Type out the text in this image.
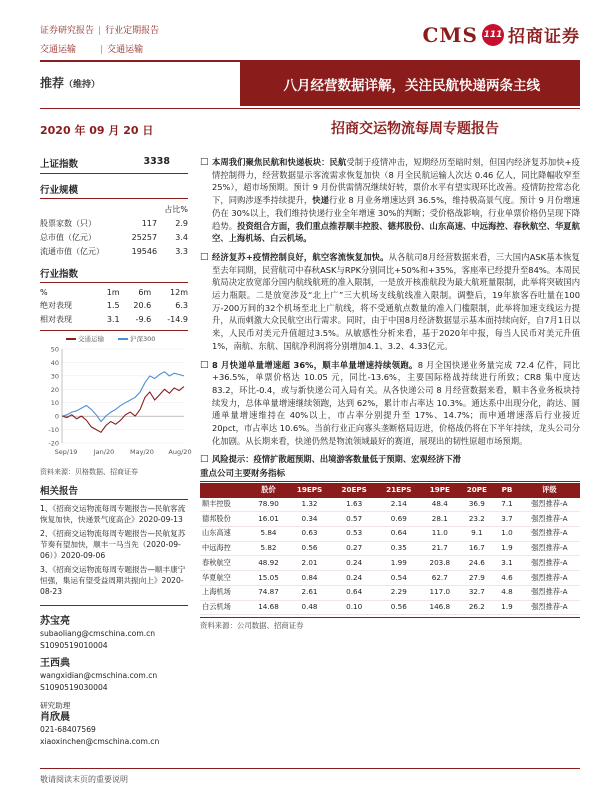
证券研究报告 | 行业定期报告
交通运输	| 交通运输
CMS 111 招商证券
推荐（维持）	八月经营数据详解，关注民航快递两条主线
2020 年 09 月 20 日	招商交运物流每周专题报告
上证指数	3338
行业规模
		占比%
股票家数（只）	117	2.9
总市值（亿元）	25257	3.4
流通市值（亿元）	19546	3.3
行业指数
%	1m	6m	12m
绝对表现	1.5	20.6	6.3
相对表现	3.1	-9.6	-14.9
交通运输	沪深300
50
40
30
20
10
0
-10
-20
Sep/19	Jan/20 May/20 Aug/20
资料来源：贝格数据、招商证券
相关报告
1、《招商交运物流每周专题报告—民航客流恢复加快，快递景气度高企》2020-09-13
2、《招商交运物流每周专题报告—民航复苏节奏有望加快，顺丰一马当先（2020-09-06）》2020-09-06
3、《招商交运物流每周专题报告—顺丰康宁恒强，集运有望受益周期共振向上》2020-08-23
苏宝亮
subaoliang@cmschina.com.cn
S1090519010004
王西典
wangxidian@cmschina.com.cn
S1090519030004
研究助理
肖欣晨
021-68407569
xiaoxinchen@cmschina.com.cn
□ 本周我们聚焦民航和快递板块：民航受制于疫情冲击，短期经历至暗时刻，但国内经济复苏加快+疫情控制得力，经营数据显示客流需求恢复加快（8 月全民航运输人次达 0.46 亿人，同比降幅收窄至 25%），超市场预期。预计 9 月份供需情况继续好转，票价水平有望实现环比改善。疫情防控常态化下，同购涉逐季持续提升，快递行业 8 月业务增速达到 36.5%，维持极高景气度。预计 9 月份增速仍在 30%以上，我们维持快递行业全年增速 30%的判断；受价格战影响，行业单票价格仍呈现下降趋势。投资组合方面，我们重点推荐顺丰控股、德邦股份、山东高速、中远海控、春秋航空、华夏航空、上海机场、白云机场。
□ 经济复苏+疫情控制良好，航空客流恢复加快。从各航司8月经营数据来看，三大国内ASK基本恢复至去年同期，民营航司中春秋ASK与RPK分别同比+50%和+35%，客座率已经提升至84%。本周民航局决定放宽部分国内航线航班的准入限制，一是放开核准航段为最大航班量限制，此举将突破国内运力瓶限。二是放宽涉及“北上广”三大机场支线航线准入限制。调整后，19年旅客吞吐量在100万-200万间的32个机场至北上广航线，将不受通航点数量的准入门槛限制，此举将加速支线运力提升，从而刺激大众民航空出行需求。同时，由于中国8月经济数据显示基本面持续向好，自7月1日以来，人民币对美元升值超过3.5%。从敏感性分析来看，基于2020年中报，每当人民币对美元升值1%，南航、东航、国航净利润将分别增加4.1、3.2、4.33亿元。
□ 8 月快递单量增速超 36%，顺丰单量增速持续领跑。8 月全国快递业务量完成 72.4 亿件，同比+36.5%，单票价格达 10.05 元，同比-13.6%，主要国际格战持续进行所致；CR8 集中度达 83.2，环比-0.4，或与新快递公司入局有关。从各快递公司 8 月经营数据来看，顺丰各业务板块持续发力，总体单量增速继续领跑，达到 62%，累计市占率达 10.3%。通达系中出现分化，韵达、圆通单量增速维持在 40%以上，市占率分别提升至 17%、14.7%；而申通增速落后行业接近 20pct，市占率达 10.6%。当前行业正向寡头垄断格局迈进，价格战仍将在下半年持续，龙头公司分化加剧。从长期来看，快递仍然是物流领域最好的赛道，展现出的韧性原超市场预期。
□ 风险提示：疫情扩散超预期、出境游客数量低于预期、宏观经济下滑
重点公司主要财务指标
	股价	19EPS	20EPS	21EPS	19PE	20PE	PB	评级
顺丰控股	78.90	1.32	1.63	2.14	48.4	36.9	7.1	强烈推荐-A
德邦股份	16.01	0.34	0.57	0.69	28.1	23.2	3.7	强烈推荐-A
山东高速	5.84	0.63	0.53	0.64	11.0	9.1	1.0	强烈推荐-A
中远海控	5.82	0.56	0.27	0.35	21.7	16.7	1.9	强烈推荐-A
春秋航空	48.92	2.01	0.24	1.99	203.8	24.6	3.1	强烈推荐-A
华夏航空	15.05	0.84	0.24	0.54	62.7	27.9	4.6	强烈推荐-A
上海机场	74.87	2.61	0.64	2.29	117.0	32.7	4.8	强烈推荐-A
白云机场	14.68	0.48	0.10	0.56	146.8	26.2	1.9	强烈推荐-A
资料来源：公司数据、招商证券
敬请阅读末页的重要说明
